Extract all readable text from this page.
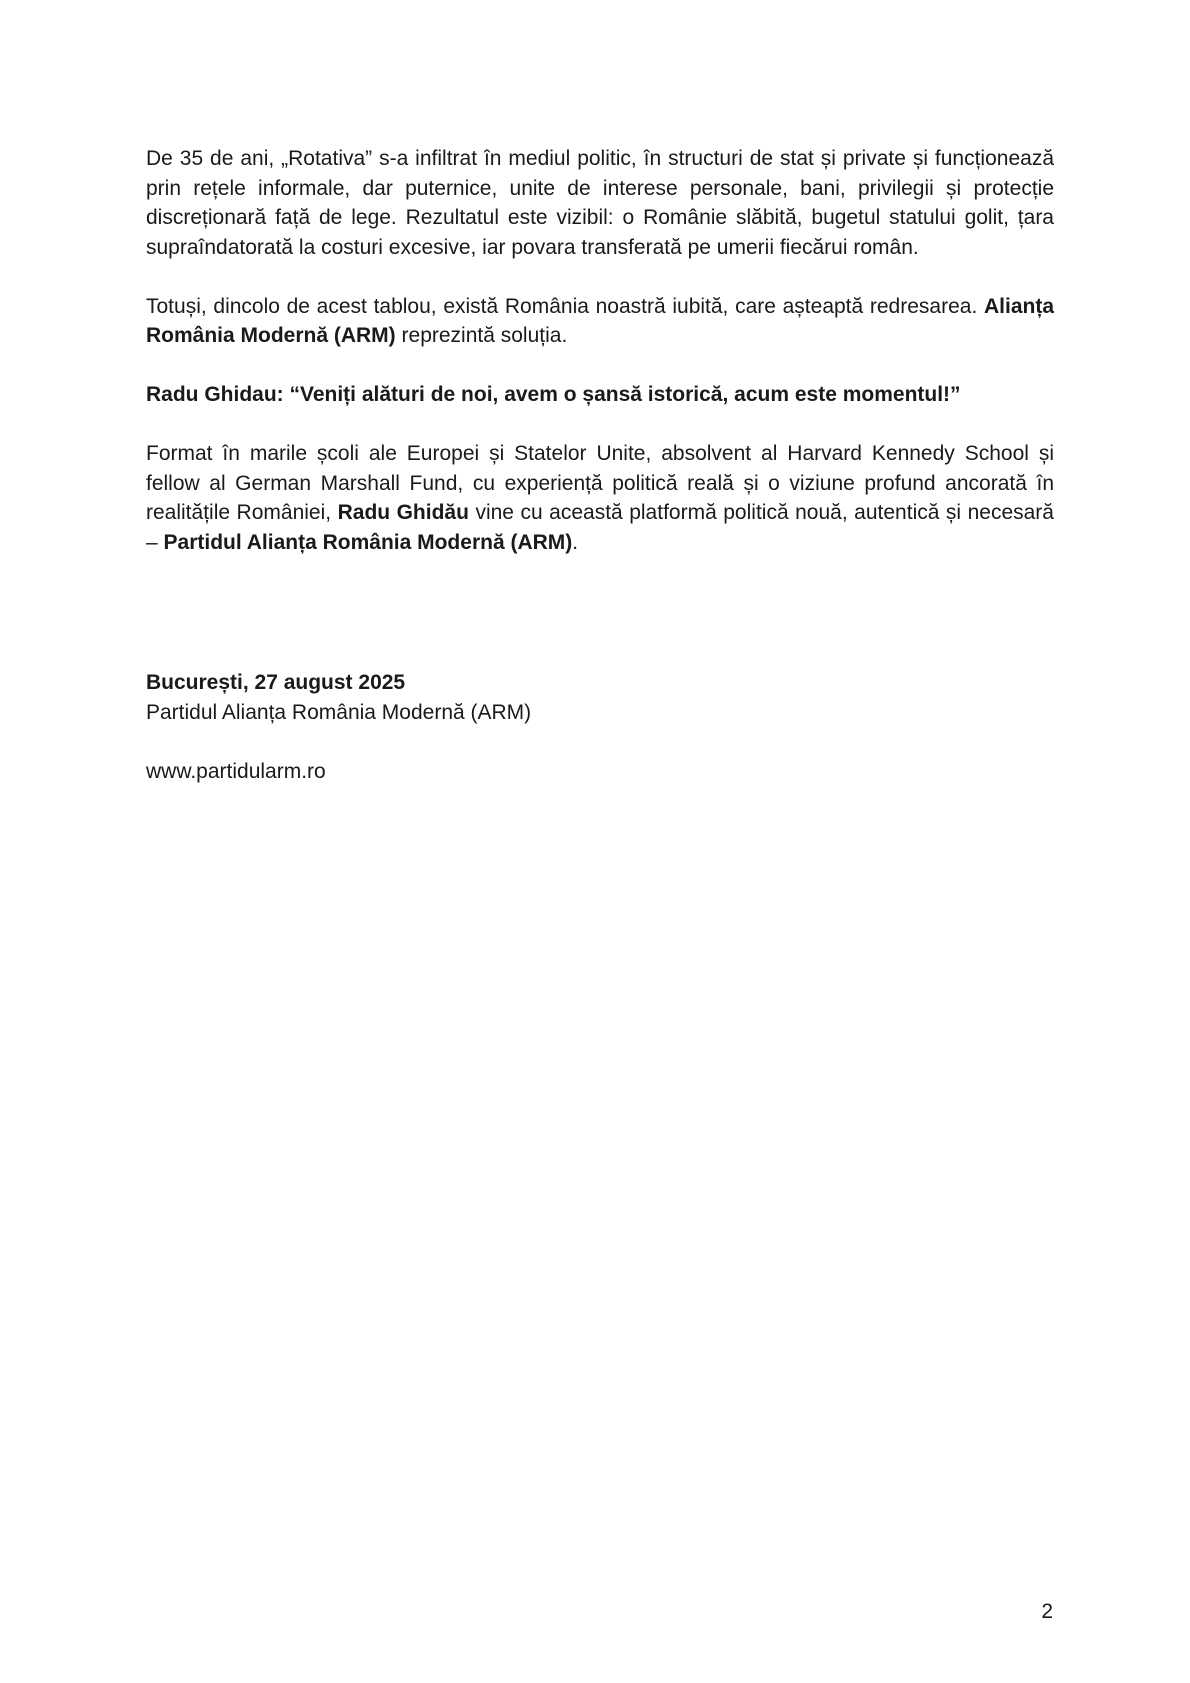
De 35 de ani, „Rotativa” s-a infiltrat în mediul politic, în structuri de stat și private și funcționează prin rețele informale, dar puternice, unite de interese personale, bani, privilegii și protecție discreționară față de lege. Rezultatul este vizibil: o Românie slăbită, bugetul statului golit, țara supraîndatorată la costuri excesive, iar povara transferată pe umerii fiecărui român.

Totuși, dincolo de acest tablou, există România noastră iubită, care așteaptă redresarea. Alianța România Modernă (ARM) reprezintă soluția.

Radu Ghidau: “Veniți alături de noi, avem o șansă istorică, acum este momentul!”

Format în marile școli ale Europei și Statelor Unite, absolvent al Harvard Kennedy School și fellow al German Marshall Fund, cu experiență politică reală și o viziune profund ancorată în realitățile României, Radu Ghidău vine cu această platformă politică nouă, autentică și necesară – Partidul Alianța România Modernă (ARM).

București, 27 august 2025

Partidul Alianța România Modernă (ARM)

www.partidularm.ro

2
